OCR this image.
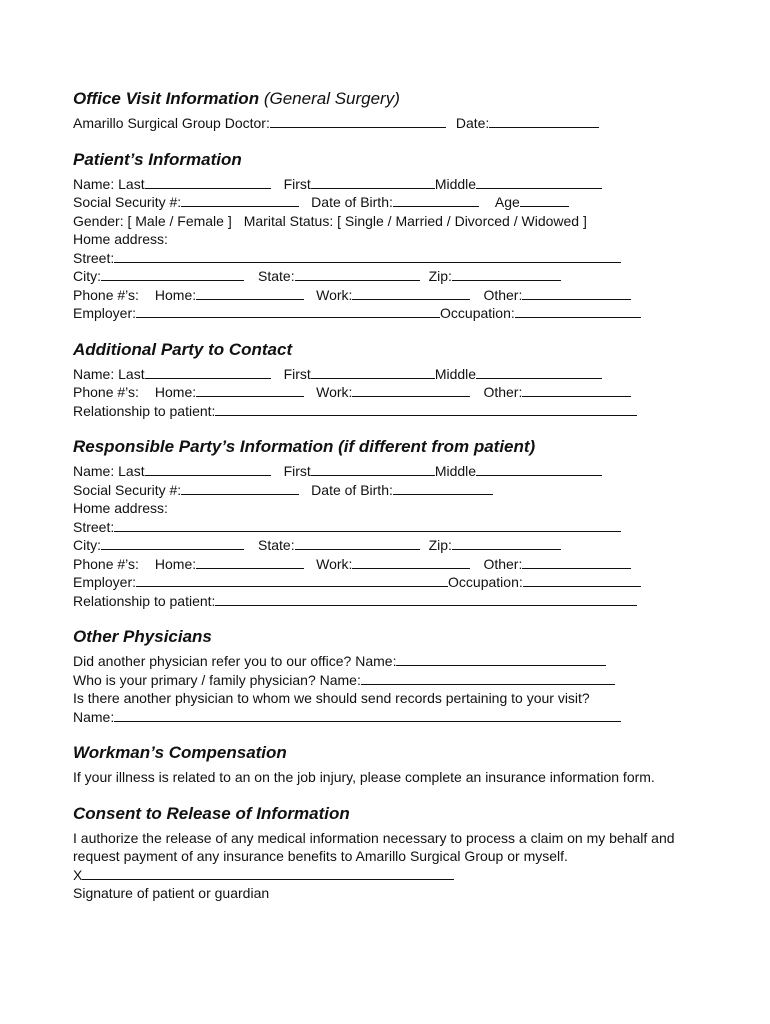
Office Visit Information (General Surgery)
Amarillo Surgical Group Doctor:	Date:
Patient’s Information
Name: Last	First	Middle
Social Security #:	Date of Birth:	Age
Gender: [ Male / Female ] Marital Status: [ Single / Married / Divorced / Widowed ]
Home address:
Street:
City:	State:	Zip:
Phone #’s: Home:	Work:	Other:
Employer:	Occupation:
Additional Party to Contact
Name: Last	First	Middle
Phone #’s: Home:	Work:	Other:
Relationship to patient:
Responsible Party’s Information (if different from patient)
Name: Last	First	Middle
Social Security #:	Date of Birth:
Home address:
Street:
City:	State:	Zip:
Phone #’s: Home:	Work:	Other:
Employer:	Occupation:
Relationship to patient:
Other Physicians
Did another physician refer you to our office? Name:
Who is your primary / family physician? Name:
Is there another physician to whom we should send records pertaining to your visit?
Name:
Workman’s Compensation
If your illness is related to an on the job injury, please complete an insurance information form.
Consent to Release of Information
I authorize the release of any medical information necessary to process a claim on my behalf and request payment of any insurance benefits to Amarillo Surgical Group or myself.
X
Signature of patient or guardian
